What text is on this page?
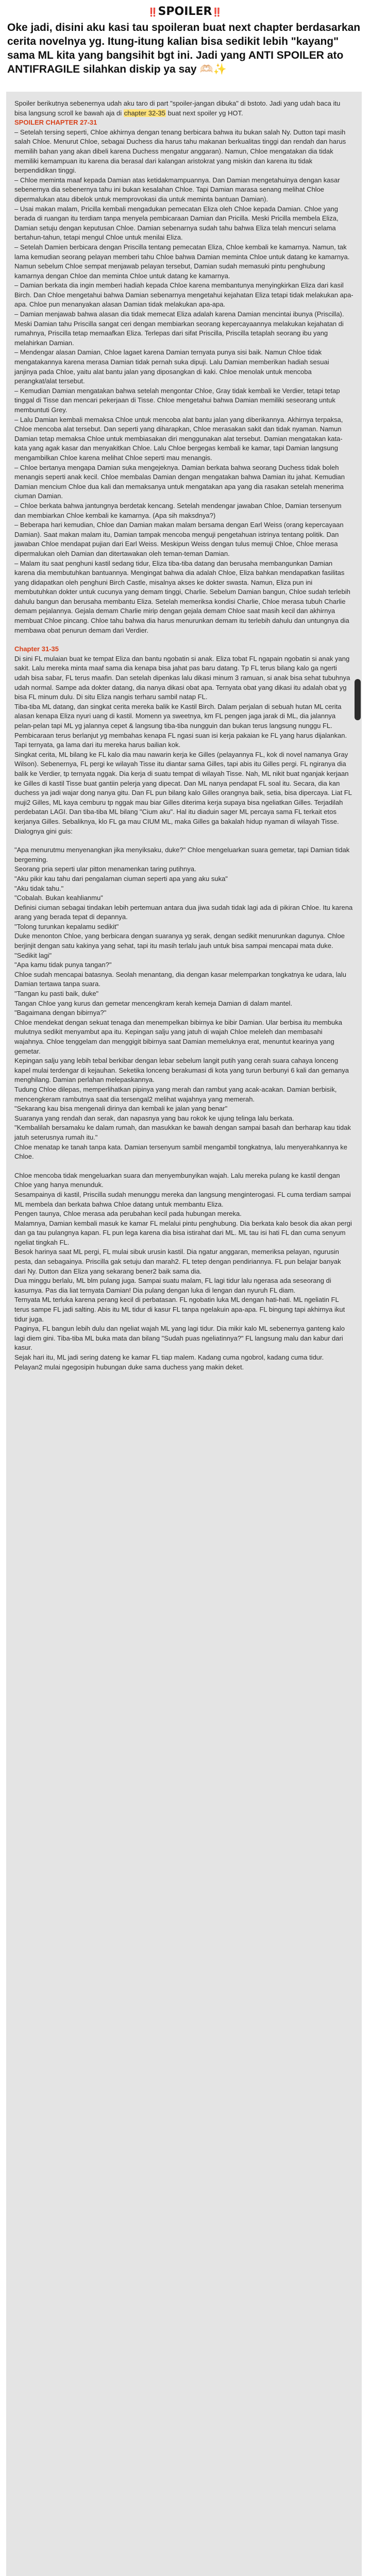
‼️SPOILER‼️
Oke jadi, disini aku kasi tau spoileran buat next chapter berdasarkan cerita novelnya yg. Itung-itung kalian bisa sedikit lebih "kayang" sama ML kita yang bangsihit bgt ini. Jadi yang ANTI SPOILER ato ANTIFRAGILE silahkan diskip ya say 🫶🏻✨

Spoiler berikutnya sebenernya udah aku taro di part "spoiler-jangan dibuka" di bstoto. Jadi yang udah baca itu bisa langsung scroll ke bawah aja di chapter 32-35 buat next spoiler yg HOT.

SPOILER CHAPTER 27-31

– Setelah tersing seperti, Chloe akhirnya dengan tenang berbicara bahwa itu bukan salah Ny. Dutton tapi masih salah Chloe. Menurut Chloe, sebagai Duchess dia harus tahu makanan berkualitas tinggi dan rendah dan harus memilih bahan yang akan dibeli karena Duchess mengatur anggaran). Namun, Chloe mengatakan dia tidak memiliki kemampuan itu karena dia berasal dari kalangan aristokrat yang miskin dan karena itu tidak berpendidikan tinggi.

– Chloe meminta maaf kepada Damian atas ketidakmampuannya. Dan Damian mengetahuinya dengan kasar sebenernya dia sebenernya tahu ini bukan kesalahan Chloe. Tapi Damian marasa senang melihat Chloe dipermalukan atau dibelok untuk memprovokasi dia untuk meminta bantuan Damian).

– Usai makan malam, Pricilla kembali mengadukan pemecatan Eliza oleh Chloe kepada Damian. Chloe yang berada di ruangan itu terdiam tanpa menyela pembicaraan Damian dan Pricilla. Meski Pricilla membela Eliza, Damian setuju dengan keputusan Chloe. Damian sebenarnya sudah tahu bahwa Eliza telah mencuri selama bertahun-tahun, tetapi mengul Chloe untuk menilai Eliza.

– Setelah Damien berbicara dengan Priscilla tentang pemecatan Eliza, Chloe kembali ke kamarnya. Namun, tak lama kemudian seorang pelayan memberi tahu Chloe bahwa Damian meminta Chloe untuk datang ke kamarnya. Namun sebelum Chloe sempat menjawab pelayan tersebut, Damian sudah memasuki pintu penghubung kamarnya dengan Chloe dan meminta Chloe untuk datang ke kamarnya.

– Damian berkata dia ingin memberi hadiah kepada Chloe karena membantunya menyingkirkan Eliza dari kasil Birch. Dan Chloe mengetahui bahwa Damian sebenarnya mengetahui kejahatan Eliza tetapi tidak melakukan apa-apa. Chloe pun menanyakan alasan Damian tidak melakukan apa-apa.

– Damian menjawab bahwa alasan dia tidak memecat Eliza adalah karena Damian mencintai ibunya (Priscilla). Meski Damian tahu Priscilla sangat ceri dengan membiarkan seorang kepercayaannya melakukan kejahatan di rumahnya, Priscilla tetap memaafkan Eliza. Terlepas dari sifat Priscilla, Priscilla tetaplah seorang ibu yang melahirkan Damian.

– Mendengar alasan Damian, Chloe lagaet karena Damian ternyata punya sisi baik. Namun Chloe tidak mengatakannya karena merasa Damian tidak pernah suka dipuji. Lalu Damian memberikan hadiah sesuai janjinya pada Chloe, yaitu alat bantu jalan yang diposangkan di kaki. Chloe menolak untuk mencoba perangkat/alat tersebut.

– Kemudian Damian mengatakan bahwa setelah mengontar Chloe, Gray tidak kembali ke Verdier, tetapi tetap tinggal di Tisse dan mencari pekerjaan di Tisse. Chloe mengetahui bahwa Damian memiliki seseorang untuk membuntuti Grey.

– Lalu Damian kembali memaksa Chloe untuk mencoba alat bantu jalan yang diberikannya. Akhirnya terpaksa, Chloe mencoba alat tersebut. Dan seperti yang diharapkan, Chloe merasakan sakit dan tidak nyaman. Namun Damian tetap memaksa Chloe untuk membiasakan diri menggunakan alat tersebut. Damian mengatakan kata-kata yang agak kasar dan menyakitkan Chloe. Lalu Chloe bergegas kembali ke kamar, tapi Damian langsung mengambilkan Chloe karena melihat Chloe seperti mau menangis.

– Chloe bertanya mengapa Damian suka mengejeknya. Damian berkata bahwa seorang Duchess tidak boleh menangis seperti anak kecil. Chloe membalas Damian dengan mengatakan bahwa Damian itu jahat. Kemudian Damian mencium Chloe dua kali dan memaksanya untuk mengatakan apa yang dia rasakan setelah menerima ciuman Damian.

– Chloe berkata bahwa jantungnya berdetak kencang. Setelah mendengar jawaban Chloe, Damian tersenyum dan membiarkan Chloe kembali ke kamarnya. (Apa sih maksdnya?)

– Beberapa hari kemudian, Chloe dan Damian makan malam bersama dengan Earl Weiss (orang kepercayaan Damian). Saat makan malam itu, Damian tampak mencoba menguji pengetahuan istrinya tentang politik. Dan jawaban Chloe mendapat pujian dari Earl Weiss. Meskipun Weiss dengan tulus memuji Chloe, Chloe merasa dipermalukan oleh Damian dan ditertawakan oleh teman-teman Damian.

– Malam itu saat penghuni kastil sedang tidur, Eliza tiba-tiba datang dan berusaha membangunkan Damian karena dia membutuhkan bantuannya. Mengingat bahwa dia adalah Chloe, Eliza bahkan mendapatkan fasilitas yang didapatkan oleh penghuni Birch Castle, misalnya akses ke dokter swasta. Namun, Eliza pun ini membutuhkan dokter untuk cucunya yang demam tinggi, Charlie. Sebelum Damian bangun, Chloe sudah terlebih dahulu bangun dan berusaha membantu Eliza. Setelah memeriksa kondisi Charlie, Chloe merasa tubuh Charlie demam pejalannya. Gejala demam Charlie mirip dengan gejala demam Chloe saat masih kecil dan akhirnya membuat Chloe pincang. Chloe tahu bahwa dia harus menurunkan demam itu terlebih dahulu dan untungnya dia membawa obat penurun demam dari Verdier.

Chapter 31-35

Di sini FL mulaian buat ke tempat Eliza dan bantu ngobatin si anak. Eliza tobat FL ngapain ngobatin si anak yang sakit. Lalu mereka minta maaf sama dia kenapa bisa jahat pas baru datang. Tp FL terus bilang kalo ga ngerti udah bisa sabar, FL terus maafin. Dan setelah dipenkas lalu dikasi minum 3 ramuan, si anak bisa sehat tubuhnya udah normal. Sampe ada dokter datang, dia nanya dikasi obat apa. Ternyata obat yang dikasi itu adalah obat yg bisa FL minum dulu. Di situ Eliza nangis terharu sambil natap FL.

Tiba-tiba ML datang, dan singkat cerita mereka balik ke Kastil Birch. Dalam perjalan di sebuah hutan ML cerita alasan kenapa Eliza nyuri uang di kastil. Momenn ya sweetnya, km FL pengen jaga jarak di ML, dia jalannya pelan-pelan tapi ML yg jalannya cepet & langsung tiba-tiba nungguin dan bukan terus langsung nunggu FL. Pembicaraan terus berlanjut yg membahas kenapa FL ngasi suan isi kerja pakaian ke FL yang harus dijalankan. Tapi ternyata, ga lama dari itu mereka harus bailian kok.

Singkat cerita, ML bilang ke FL kalo dia mau nawarin kerja ke Gilles (pelayannya FL, kok di novel namanya Gray Wilson). Sebenernya, FL pergi ke wilayah Tisse itu diantar sama Gilles, tapi abis itu Gilles pergi. FL ngiranya dia balik ke Verdier, tp ternyata nggak. Dia kerja di suatu tempat di wilayah Tisse. Nah, ML nikit buat nganjak kerjaan ke Gilles di kastil Tisse buat gantiin pelerja yang dipecat. Dan ML nanya pendapat FL soal itu. Secara, dia kan duchess ya jadi wajar dong nanya gitu. Dan FL pun bilang kalo Gilles orangnya baik, setia, bisa dipercaya. Liat FL muji2 Gilles, ML kaya cemburu tp nggak mau biar Gilles diterima kerja supaya bisa ngeliatkan Gilles. Terjadilah perdebatan LAGI. Dan tiba-tiba ML bilang "Cium aku". Hal itu diaduin sager ML percaya sama FL terkait etos kerjanya Gilles. Sebaliknya, klo FL ga mau CIUM ML, maka Gilles ga bakalah hidup nyaman di wilayah Tisse. Dialognya gini guis:

"Apa menurutmu menyenangkan jika menyiksaku, duke?" Chloe mengeluarkan suara gemetar, tapi Damian tidak bergeming.

Seorang pria seperti ular pitton menamenkan taring putihnya.

"Aku pikir kau tahu dari pengalaman ciuman seperti apa yang aku suka"

"Aku tidak tahu."

"Cobalah. Bukan keahlianmu"

Definisi ciuman sebagai tindakan lebih pertemuan antara dua jiwa sudah tidak lagi ada di pikiran Chloe. Itu karena arang yang berada tepat di depannya.

"Tolong turunkan kepalamu sedikit"

Duke menonton Chloe, yang berbicara dengan suaranya yg serak, dengan sedikit menurunkan dagunya. Chloe berjinjit dengan satu kakinya yang sehat, tapi itu masih terlalu jauh untuk bisa sampai mencapai mata duke.

"Sedikit lagi"

"Apa kamu tidak punya tangan?"

Chloe sudah mencapai batasnya. Seolah menantang, dia dengan kasar melemparkan tongkatnya ke udara, lalu Damian tertawa tanpa suara.

"Tangan ku pasti baik, duke"

Tangan Chloe yang kurus dan gemetar mencengkram kerah kemeja Damian di dalam mantel.

"Bagaimana dengan bibirnya?"

Chloe mendekat dengan sekuat tenaga dan menempelkan bibirnya ke bibir Damian. Ular berbisa itu membuka mulutnya sedikit menyambut apa itu. Kepingan salju yang jatuh di wajah Chloe meleleh dan membasahi wajahnya. Chloe tenggelam dan menggigit bibirnya saat Damian memeluknya erat, menuntut kearinya yang gemetar.

Kepingan salju yang lebih tebal berkibar dengan lebar sebelum langit putih yang cerah suara cahaya lonceng kapel mulai terdengar di kejauhan. Seketika lonceng berakumasi di kota yang turun berbunyi 6 kali dan gemanya menghilang. Damian perlahan melepaskannya.

Tudung Chloe dilepas, memperlihatkan pipinya yang merah dan rambut yang acak-acakan. Damian berbisik, mencengkeram rambutnya saat dia tersengal2 melihat wajahnya yang memerah.

"Sekarang kau bisa mengenali dirinya dan kembali ke jalan yang benar"

Suaranya yang rendah dan serak, dan napasnya yang bau rokok ke ujung telinga lalu berkata.

"Kembalilah bersamaku ke dalam rumah, dan masukkan ke bawah dengan sampai basah dan berharap kau tidak jatuh seterusnya rumah itu."

Chloe menatap ke tanah tanpa kata. Damian tersenyum sambil mengambil tongkatnya, lalu menyerahkannya ke Chloe.

Chloe mencoba tidak mengeluarkan suara dan menyembunyikan wajah. Lalu mereka pulang ke kastil dengan Chloe yang hanya menunduk.

Sesampainya di kastil, Priscilla sudah menunggu mereka dan langsung menginterogasi. FL cuma terdiam sampai ML membela dan berkata bahwa Chloe datang untuk membantu Eliza.

Pengen taunya, Chloe merasa ada perubahan kecil pada hubungan mereka.

Malamnya, Damian kembali masuk ke kamar FL melalui pintu penghubung. Dia berkata kalo besok dia akan pergi dan ga tau pulangnya kapan. FL pun lega karena dia bisa istirahat dari ML. ML tau isi hati FL dan cuma senyum ngeliat tingkah FL.

Besok harinya saat ML pergi, FL mulai sibuk urusin kastil. Dia ngatur anggaran, memeriksa pelayan, ngurusin pesta, dan sebagainya. Priscilla gak setuju dan marah2. FL tetep dengan pendiriannya. FL pun belajar banyak dari Ny. Dutton dan Eliza yang sekarang bener2 baik sama dia.

Dua minggu berlalu, ML blm pulang juga. Sampai suatu malam, FL lagi tidur lalu ngerasa ada seseorang di kasurnya. Pas dia liat ternyata Damian! Dia pulang dengan luka di lengan dan nyuruh FL diam.

Ternyata ML terluka karena perang kecil di perbatasan. FL ngobatin luka ML dengan hati-hati. ML ngeliatin FL terus sampe FL jadi salting. Abis itu ML tidur di kasur FL tanpa ngelakuin apa-apa. FL bingung tapi akhirnya ikut tidur juga.

Paginya, FL bangun lebih dulu dan ngeliat wajah ML yang lagi tidur. Dia mikir kalo ML sebenernya ganteng kalo lagi diem gini. Tiba-tiba ML buka mata dan bilang "Sudah puas ngeliatinnya?" FL langsung malu dan kabur dari kasur.

Sejak hari itu, ML jadi sering dateng ke kamar FL tiap malem. Kadang cuma ngobrol, kadang cuma tidur. Pelayan2 mulai ngegosipin hubungan duke sama duchess yang makin deket.
